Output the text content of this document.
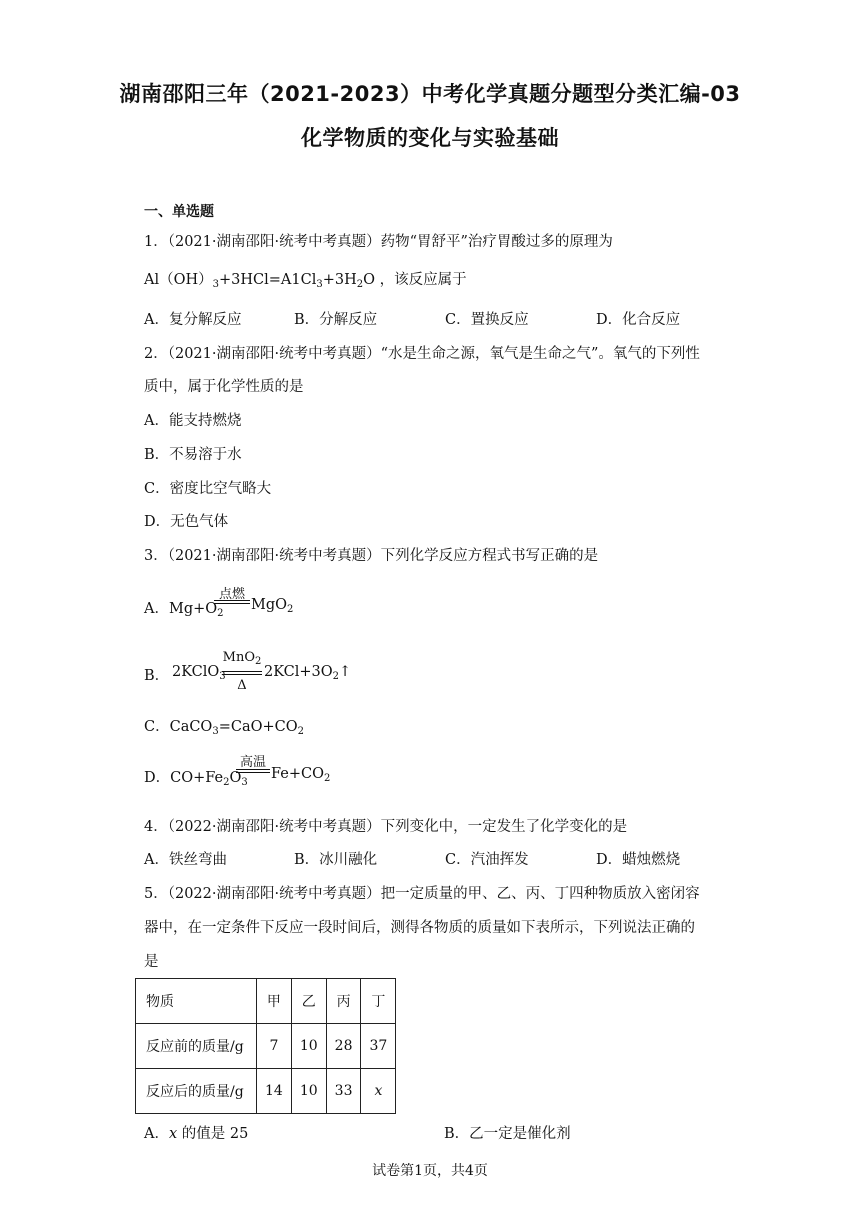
湖南邵阳三年（2021-2023）中考化学真题分题型分类汇编-03
化学物质的变化与实验基础
一、单选题
1．（2021·湖南邵阳·统考中考真题）药物“胃舒平”治疗胃酸过多的原理为
$Al(OH)_3+3HCl=A1Cl_3+3H_2O$ ，该反应属于
A．复分解反应	B．分解反应	C．置换反应	D．化合反应
2．（2021·湖南邵阳·统考中考真题）“水是生命之源，氧气是生命之气”。氧气的下列性
质中，属于化学性质的是
A．能支持燃烧
B．不易溶于水
C．密度比空气略大
D．无色气体
3．（2021·湖南邵阳·统考中考真题）下列化学反应方程式书写正确的是
A．$Mg+O_2$
点燃
MgO$_2$
B． 2KClO$_3$
MnO$_2$
Δ
$2KCl+3O_2↑$
C．$CaCO_3=CaO+CO_2$
D．$CO+Fe_2O_3$
高温
$Fe+CO_2$
4．（2022·湖南邵阳·统考中考真题）下列变化中，一定发生了化学变化的是
A．铁丝弯曲	B．冰川融化	C．汽油挥发	D．蜡烛燃烧
5．（2022·湖南邵阳·统考中考真题）把一定质量的甲、乙、丙、丁四种物质放入密闭容
器中，在一定条件下反应一段时间后，测得各物质的质量如下表所示，下列说法正确的
是
物质	甲	乙	丙	丁
反应前的质量/g	7	10	28	37
反应后的质量/g	14	10	33	x
A．x 的值是 25	B．乙一定是催化剂
试卷第1页，共4页
